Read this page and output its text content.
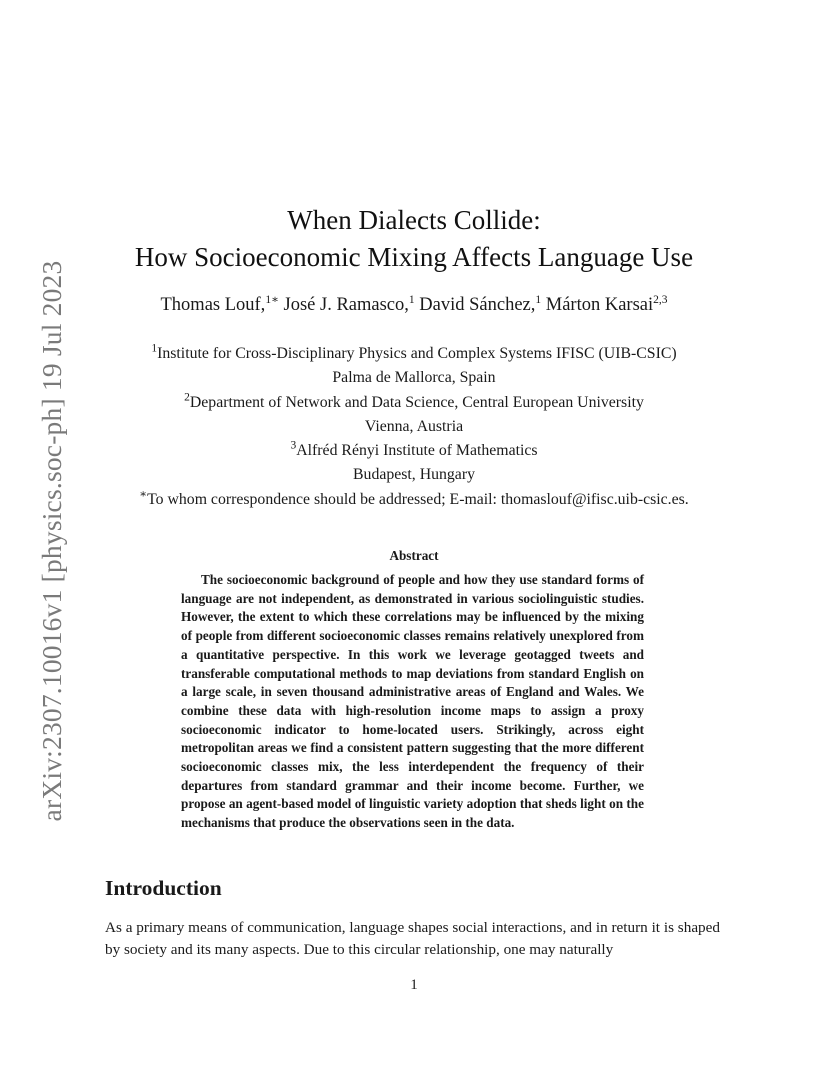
arXiv:2307.10016v1 [physics.soc-ph] 19 Jul 2023
When Dialects Collide:
How Socioeconomic Mixing Affects Language Use
Thomas Louf,$^{1∗}$ José J. Ramasco,$^1$ David Sánchez,$^1$ Márton Karsai$^{2,3}$
$^1$Institute for Cross-Disciplinary Physics and Complex Systems IFISC (UIB-CSIC)
Palma de Mallorca, Spain
$^2$Department of Network and Data Science, Central European University
Vienna, Austria
$^3$Alfréd Rényi Institute of Mathematics
Budapest, Hungary
∗To whom correspondence should be addressed; E-mail: thomaslouf@ifisc.uib-csic.es.
Abstract

The socioeconomic background of people and how they use standard forms of language are not independent, as demonstrated in various sociolinguistic studies. However, the extent to which these correlations may be influenced by the mixing of people from different socioeconomic classes remains relatively unexplored from a quantitative perspective. In this work we leverage geotagged tweets and transferable computational methods to map deviations from standard English on a large scale, in seven thousand administrative areas of England and Wales. We combine these data with high-resolution income maps to assign a proxy socioeconomic indicator to home-located users. Strikingly, across eight metropolitan areas we find a consistent pattern suggesting that the more different socioeconomic classes mix, the less interdependent the frequency of their departures from standard grammar and their income become. Further, we propose an agent-based model of linguistic variety adoption that sheds light on the mechanisms that produce the observations seen in the data.

Introduction

As a primary means of communication, language shapes social interactions, and in return it is shaped by society and its many aspects. Due to this circular relationship, one may naturally

1
